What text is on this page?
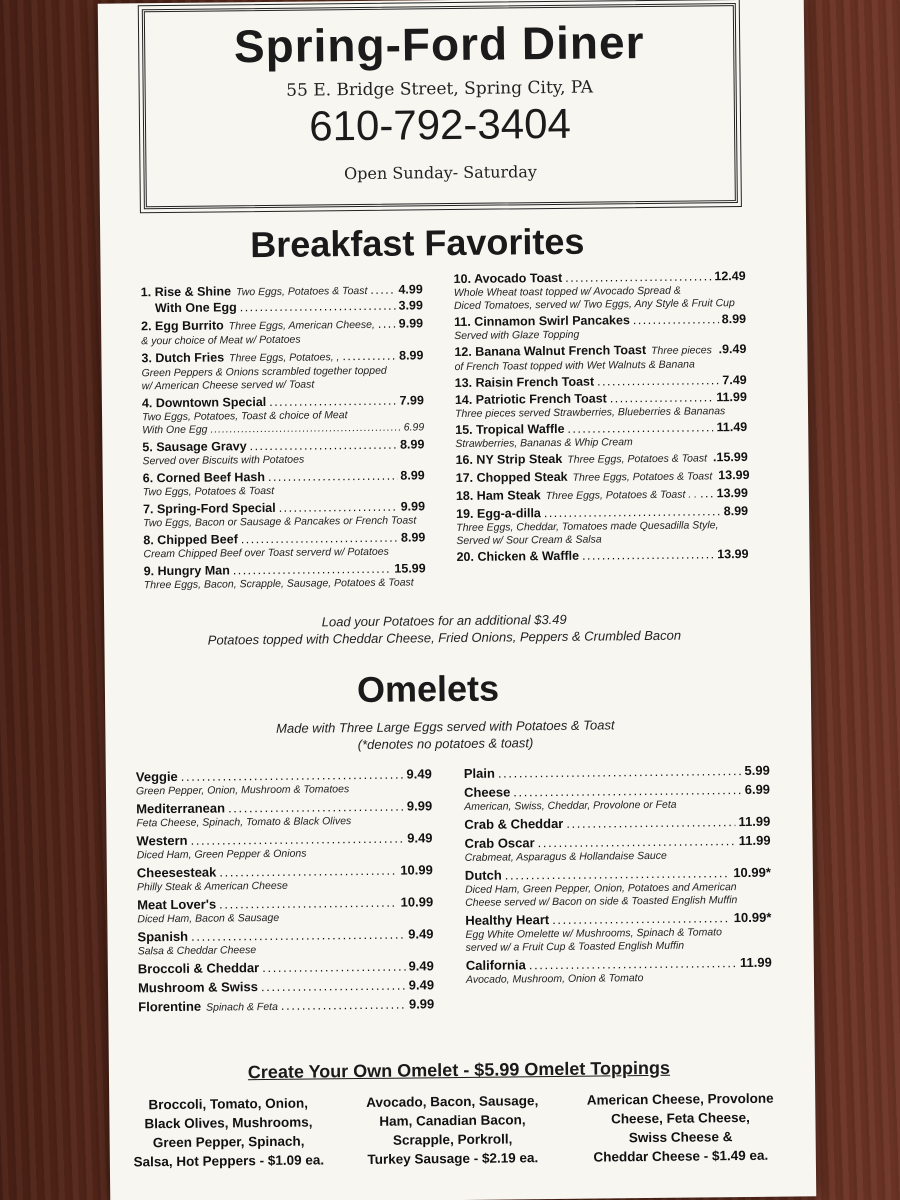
Spring-Ford Diner
55 E. Bridge Street, Spring City, PA
610-792-3404
Open Sunday- Saturday
Breakfast Favorites
1. Rise & Shine Two Eggs, Potatoes & Toast . . . 4.99
With One Egg . . .	3.99
2. Egg Burrito Three Eggs, American Cheese, . . . 9.99
& your choice of Meat w/ Potatoes
3. Dutch Fries Three Eggs, Potatoes, , . . .	8.99
Green Peppers & Onions scrambled together topped
w/ American Cheese served w/ Toast
4. Downtown Special . . .	7.99
Two Eggs, Potatoes, Toast & choice of Meat
With One Egg . . .	6.99
5. Sausage Gravy . . .	8.99
Served over Biscuits with Potatoes
6. Corned Beef Hash . . .	8.99
Two Eggs, Potatoes & Toast
7. Spring-Ford Special . . .	9.99
Two Eggs, Bacon or Sausage & Pancakes or French Toast
8. Chipped Beef . . .	8.99
Cream Chipped Beef over Toast serverd w/ Potatoes
9. Hungry Man . . .	15.99
Three Eggs, Bacon, Scrapple, Sausage, Potatoes & Toast
10. Avocado Toast . . .	12.49
Whole Wheat toast topped w/ Avocado Spread &
Diced Tomatoes, served w/ Two Eggs, Any Style & Fruit Cup
11. Cinnamon Swirl Pancakes . . .	8.99
Served with Glaze Topping
12. Banana Walnut French Toast Three pieces . . . .9.49
of French Toast topped with Wet Walnuts & Banana
13. Raisin French Toast . . .	7.49
14. Patriotic French Toast . . .	11.99
Three pieces served Strawberries, Blueberries & Bananas
15. Tropical Waffle . . .	11.49
Strawberries, Bananas & Whip Cream
16. NY Strip Steak Three Eggs, Potatoes & Toast . . . .15.99
17. Chopped Steak Three Eggs, Potatoes & Toast . . . 13.99
18. Ham Steak Three Eggs, Potatoes & Toast . . . . . 13.99
19. Egg-a-dilla . . .	8.99
Three Eggs, Cheddar, Tomatoes made Quesadilla Style,
Served w/ Sour Cream & Salsa
20. Chicken & Waffle . . .	13.99
Load your Potatoes for an additional $3.49
Potatoes topped with Cheddar Cheese, Fried Onions, Peppers & Crumbled Bacon
Omelets
Made with Three Large Eggs served with Potatoes & Toast
(*denotes no potatoes & toast)
Veggie . . .	9.49
Green Pepper, Onion, Mushroom & Tomatoes
Mediterranean . . .	9.99
Feta Cheese, Spinach, Tomato & Black Olives
Western . . .	9.49
Diced Ham, Green Pepper & Onions
Cheesesteak . . .	10.99
Philly Steak & American Cheese
Meat Lover's . . .	10.99
Diced Ham, Bacon & Sausage
Spanish . . .	9.49
Salsa & Cheddar Cheese
Broccoli & Cheddar . . .	9.49
Mushroom & Swiss . . .	9.49
Florentine Spinach & Feta . . .	9.99
Plain . . .	5.99
Cheese . . .	6.99
American, Swiss, Cheddar, Provolone or Feta
Crab & Cheddar . . .	11.99
Crab Oscar . . .	11.99
Crabmeat, Asparagus & Hollandaise Sauce
Dutch . . .	10.99*
Diced Ham, Green Pepper, Onion, Potatoes and American
Cheese served w/ Bacon on side & Toasted English Muffin
Healthy Heart . . .	10.99*
Egg White Omelette w/ Mushrooms, Spinach & Tomato
served w/ a Fruit Cup & Toasted English Muffin
California . . .	11.99
Avocado, Mushroom, Onion & Tomato
Create Your Own Omelet - $5.99 Omelet Toppings
Broccoli, Tomato, Onion,
Black Olives, Mushrooms,
Green Pepper, Spinach,
Salsa, Hot Peppers - $1.09 ea.
Avocado, Bacon, Sausage,
Ham, Canadian Bacon,
Scrapple, Porkroll,
Turkey Sausage - $2.19 ea.
American Cheese, Provolone
Cheese, Feta Cheese,
Swiss Cheese &
Cheddar Cheese - $1.49 ea.
